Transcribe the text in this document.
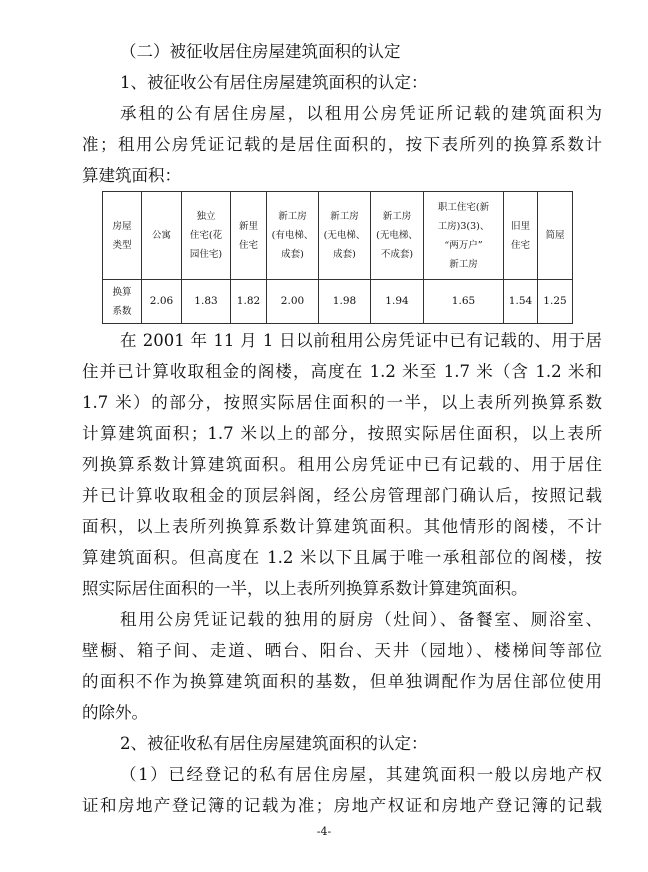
（二）被征收居住房屋建筑面积的认定
1、被征收公有居住房屋建筑面积的认定：
承租的公有居住房屋，以租用公房凭证所记载的建筑面积为
准；租用公房凭证记载的是居住面积的，按下表所列的换算系数计
算建筑面积：
房屋
类型	公寓	独立
住宅(花
园住宅)	新里
住宅	新工房
(有电梯、
成套)	新工房
(无电梯、
成套)	新工房
(无电梯、
不成套)	职工住宅(新
工房)3(3)、
“两万户”
新工房	旧里
住宅	简屋
换算
系数	2.06	1.83	1.82	2.00	1.98	1.94	1.65	1.54	1.25
在 2001 年 11 月 1 日以前租用公房凭证中已有记载的、用于居
住并已计算收取租金的阁楼，高度在 1.2 米至 1.7 米（含 1.2 米和
1.7 米）的部分，按照实际居住面积的一半，以上表所列换算系数
计算建筑面积；1.7 米以上的部分，按照实际居住面积，以上表所
列换算系数计算建筑面积。租用公房凭证中已有记载的、用于居住
并已计算收取租金的顶层斜阁，经公房管理部门确认后，按照记载
面积，以上表所列换算系数计算建筑面积。其他情形的阁楼，不计
算建筑面积。但高度在 1.2 米以下且属于唯一承租部位的阁楼，按
照实际居住面积的一半，以上表所列换算系数计算建筑面积。
租用公房凭证记载的独用的厨房（灶间）、备餐室、厕浴室、
壁橱、箱子间、走道、晒台、阳台、天井（园地）、楼梯间等部位
的面积不作为换算建筑面积的基数，但单独调配作为居住部位使用
的除外。
2、被征收私有居住房屋建筑面积的认定：
（1）已经登记的私有居住房屋，其建筑面积一般以房地产权
证和房地产登记簿的记载为准；房地产权证和房地产登记簿的记载
-4-
